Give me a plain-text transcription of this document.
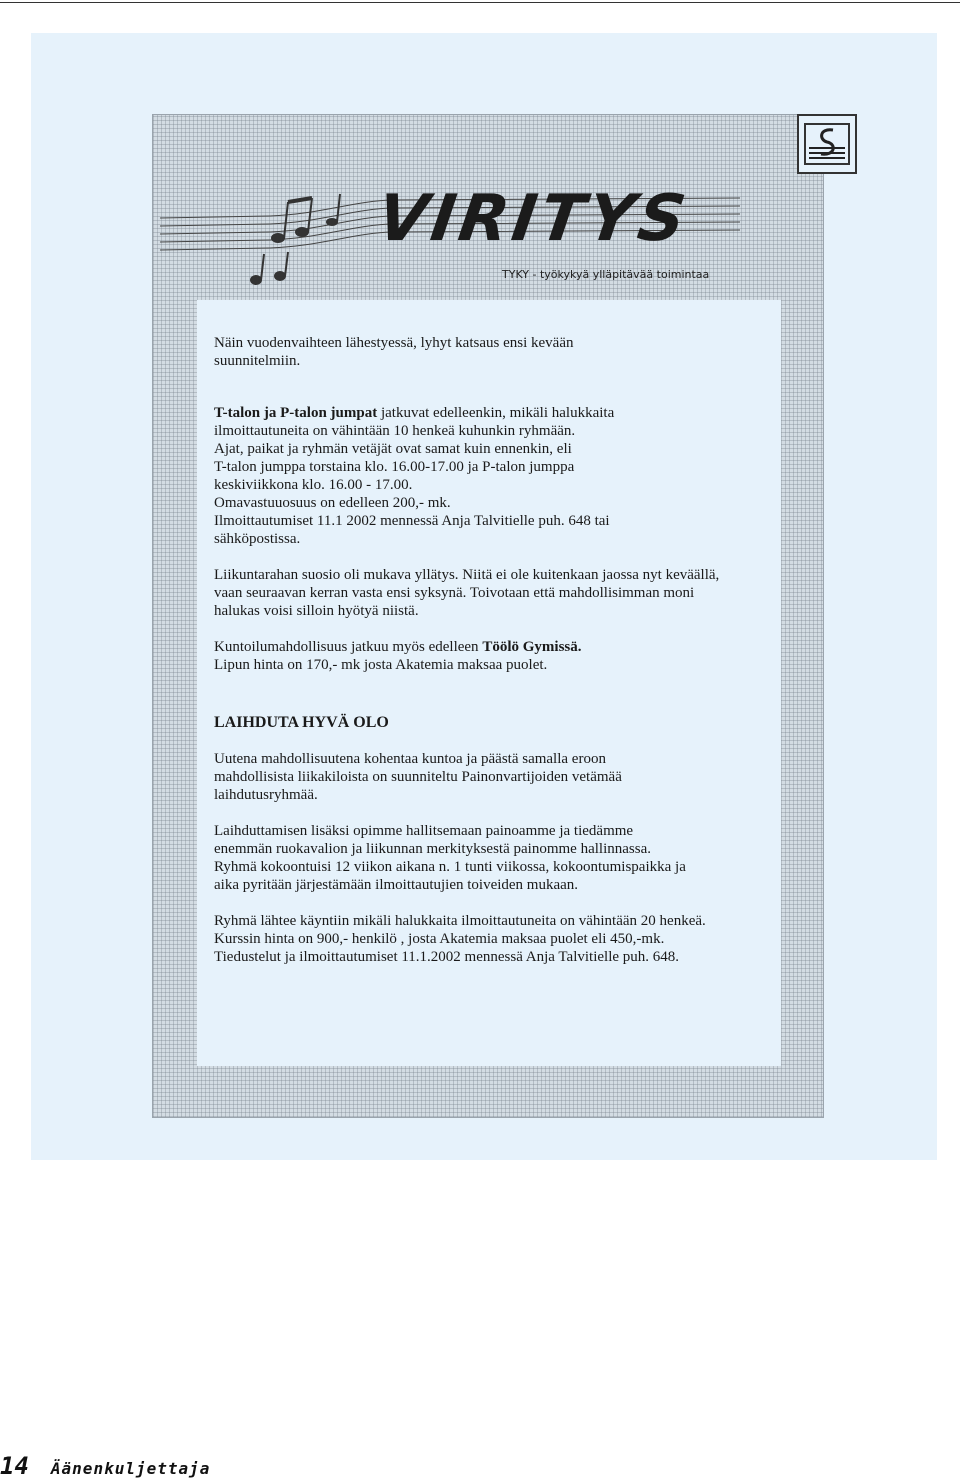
VIRITYS
TYKY - työkykyä ylläpitävää toimintaa

Näin vuodenvaihteen lähestyessä, lyhyt katsaus ensi kevään
suunnitelmiin.

T-talon ja P-talon jumpat jatkuvat edelleenkin, mikäli halukkaita
ilmoittautuneita on vähintään 10 henkeä kuhunkin ryhmään.
Ajat, paikat ja ryhmän vetäjät ovat samat kuin ennenkin, eli
T-talon jumppa torstaina klo. 16.00-17.00 ja P-talon jumppa
keskiviikkona klo. 16.00 - 17.00.
Omavastuuosuus on edelleen 200,- mk.
Ilmoittautumiset 11.1 2002 mennessä Anja Talvitielle puh. 648 tai
sähköpostissa.

Liikuntarahan suosio oli mukava yllätys. Niitä ei ole kuitenkaan jaossa nyt keväällä,
vaan seuraavan kerran vasta ensi syksynä. Toivotaan että mahdollisimman moni
halukas voisi silloin hyötyä niistä.

Kuntoilumahdollisuus jatkuu myös edelleen Töölö Gymissä.
Lipun hinta on 170,- mk josta Akatemia maksaa puolet.

LAIHDUTA HYVÄ OLO

Uutena mahdollisuutena kohentaa kuntoa ja päästä samalla eroon
mahdollisista liikakiloista on suunniteltu Painonvartijoiden vetämää
laihdutusryhmää.

Laihduttamisen lisäksi opimme hallitsemaan painoamme ja tiedämme
enemmän ruokavalion ja liikunnan merkityksestä painomme hallinnassa.
Ryhmä kokoontuisi 12 viikon aikana n. 1 tunti viikossa, kokoontumispaikka ja
aika pyritään järjestämään ilmoittautujien toiveiden mukaan.

Ryhmä lähtee käyntiin mikäli halukkaita ilmoittautuneita on vähintään 20 henkeä.
Kurssin hinta on 900,- henkilö , josta Akatemia maksaa puolet eli 450,-mk.
Tiedustelut ja ilmoittautumiset 11.1.2002 mennessä Anja Talvitielle puh. 648.

14 Äänenkuljettaja
